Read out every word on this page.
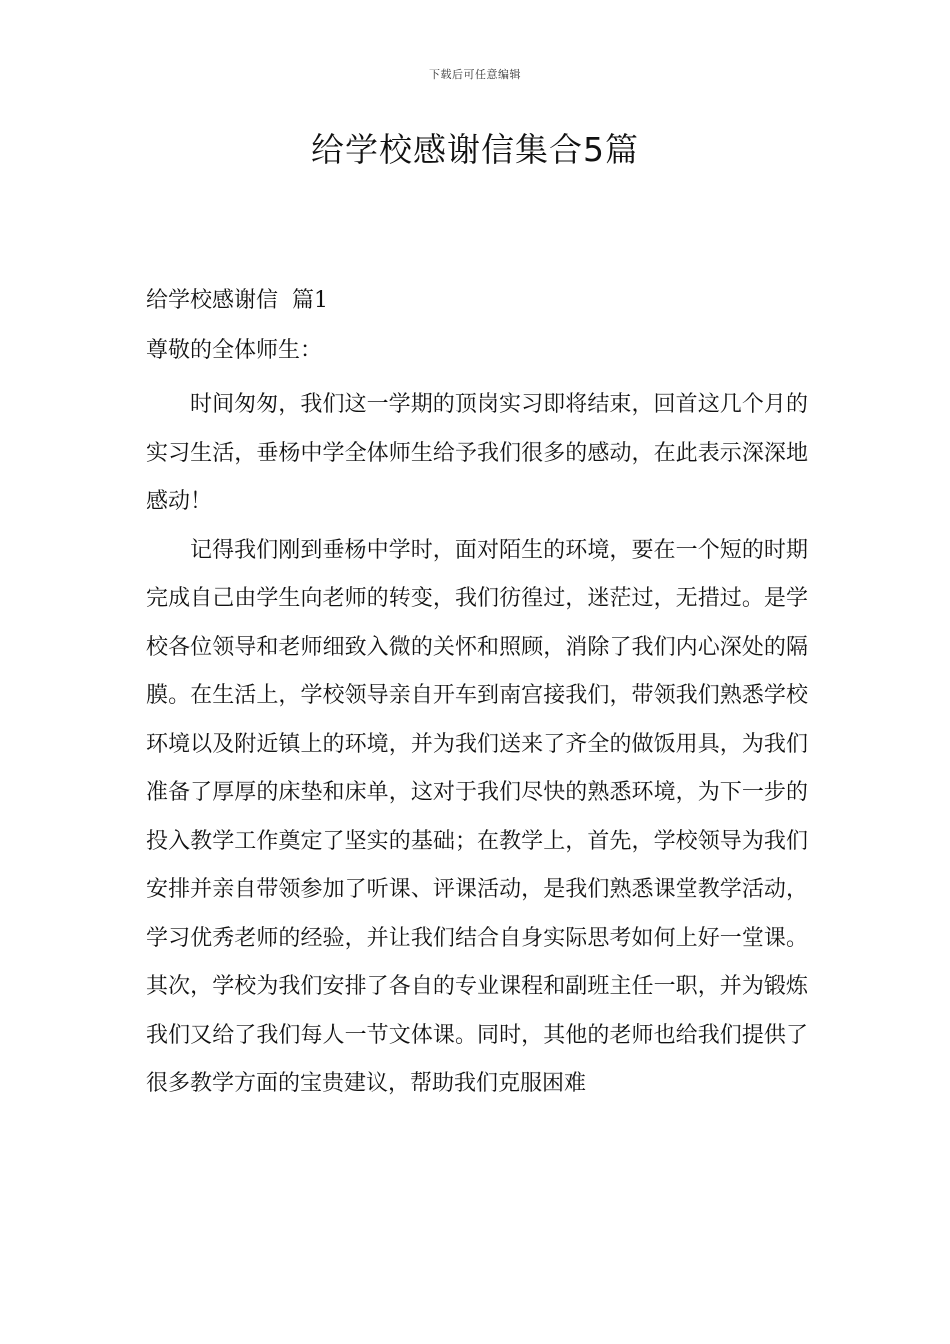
下载后可任意编辑
给学校感谢信集合5篇
给学校感谢信  篇1
尊敬的全体师生：

时间匆匆，我们这一学期的顶岗实习即将结束，回首这几个月的实习生活，垂杨中学全体师生给予我们很多的感动，在此表示深深地感动！

记得我们刚到垂杨中学时，面对陌生的环境，要在一个短的时期完成自己由学生向老师的转变，我们彷徨过，迷茫过，无措过。是学校各位领导和老师细致入微的关怀和照顾，消除了我们内心深处的隔膜。在生活上，学校领导亲自开车到南宫接我们，带领我们熟悉学校环境以及附近镇上的环境，并为我们送来了齐全的做饭用具，为我们准备了厚厚的床垫和床单，这对于我们尽快的熟悉环境，为下一步的投入教学工作奠定了坚实的基础；在教学上，首先，学校领导为我们安排并亲自带领参加了听课、评课活动，是我们熟悉课堂教学活动，学习优秀老师的经验，并让我们结合自身实际思考如何上好一堂课。其次，学校为我们安排了各自的专业课程和副班主任一职，并为锻炼我们又给了我们每人一节文体课。同时，其他的老师也给我们提供了很多教学方面的宝贵建议，帮助我们克服困难
